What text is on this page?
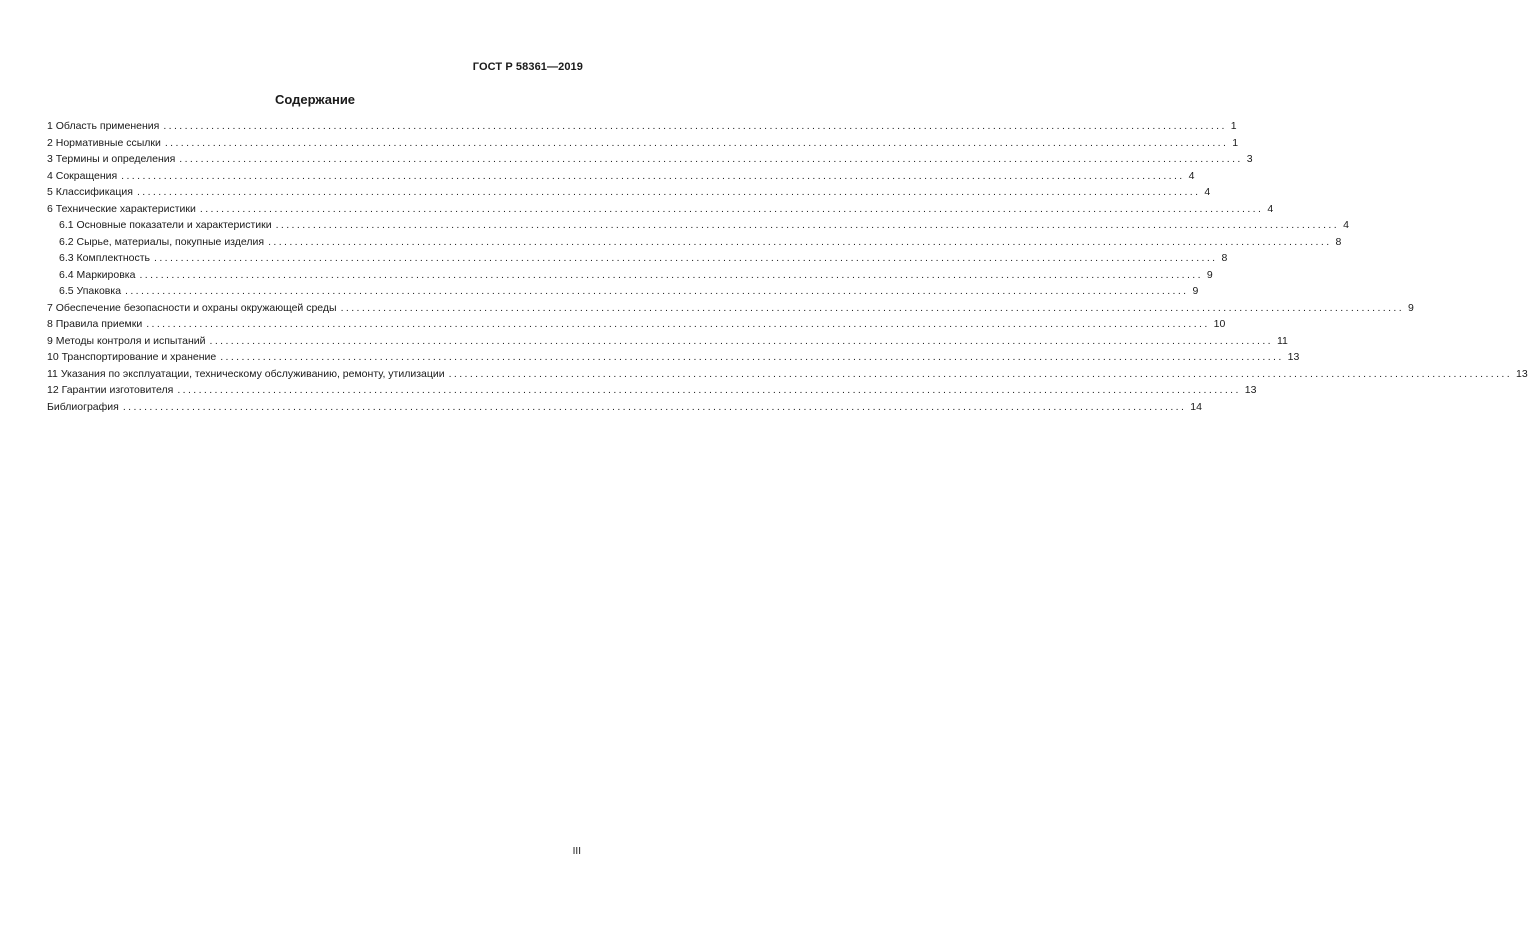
ГОСТ Р 58361—2019
Содержание
1 Область применения ........................................................................................................................................................................................................ 1
2 Нормативные ссылки ........................................................................................................................................................................................................ 1
3 Термины и определения ........................................................................................................................................................................................................ 3
4 Сокращения ........................................................................................................................................................................................................ 4
5 Классификация ........................................................................................................................................................................................................ 4
6 Технические характеристики ........................................................................................................................................................................................................ 4
6.1 Основные показатели и характеристики ........................................................................................................................................................................................................ 4
6.2 Сырье, материалы, покупные изделия ........................................................................................................................................................................................................ 8
6.3 Комплектность ........................................................................................................................................................................................................ 8
6.4 Маркировка ........................................................................................................................................................................................................ 9
6.5 Упаковка ........................................................................................................................................................................................................ 9
7 Обеспечение безопасности и охраны окружающей среды ........................................................................................................................................................................................................ 9
8 Правила приемки ........................................................................................................................................................................................................ 10
9 Методы контроля и испытаний ........................................................................................................................................................................................................ 11
10 Транспортирование и хранение ........................................................................................................................................................................................................ 13
11 Указания по эксплуатации, техническому обслуживанию, ремонту, утилизации ........................................................................................................................................................................................................ 13
12 Гарантии изготовителя ........................................................................................................................................................................................................ 13
Библиография ........................................................................................................................................................................................................ 14
III
